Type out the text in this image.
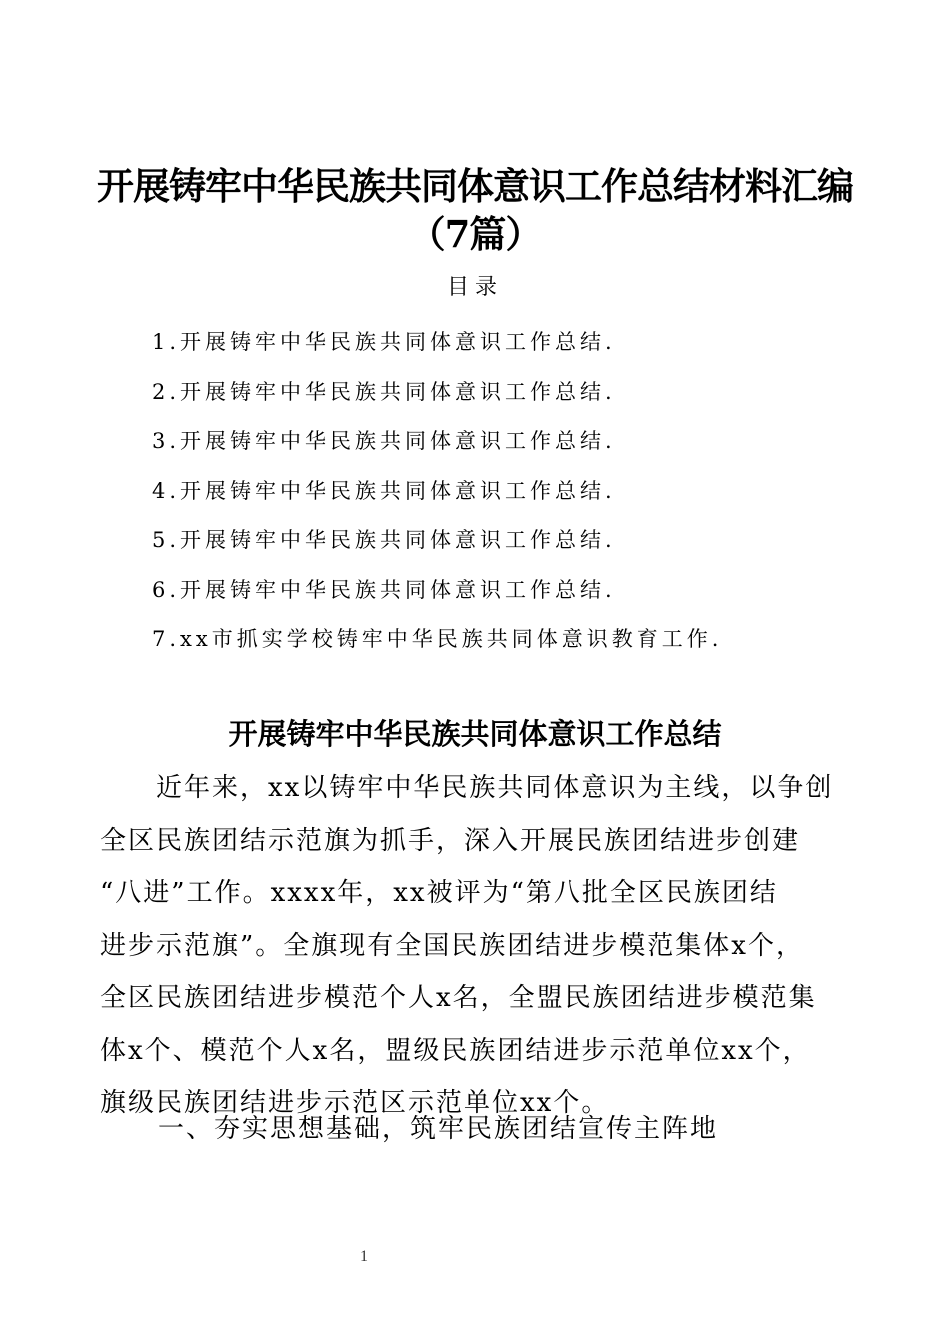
开展铸牢中华民族共同体意识工作总结材料汇编
（7篇）
目录
1.开展铸牢中华民族共同体意识工作总结.
2.开展铸牢中华民族共同体意识工作总结.
3.开展铸牢中华民族共同体意识工作总结.
4.开展铸牢中华民族共同体意识工作总结.
5.开展铸牢中华民族共同体意识工作总结.
6.开展铸牢中华民族共同体意识工作总结.
7.xx市抓实学校铸牢中华民族共同体意识教育工作.
开展铸牢中华民族共同体意识工作总结
　　近年来，xx以铸牢中华民族共同体意识为主线，以争创
全区民族团结示范旗为抓手，深入开展民族团结进步创建
“八进”工作。xxxx年，xx被评为“第八批全区民族团结
进步示范旗”。全旗现有全国民族团结进步模范集体x个，
全区民族团结进步模范个人x名，全盟民族团结进步模范集
体x个、模范个人x名，盟级民族团结进步示范单位xx个，
旗级民族团结进步示范区示范单位xx个。
一、夯实思想基础，筑牢民族团结宣传主阵地
1
